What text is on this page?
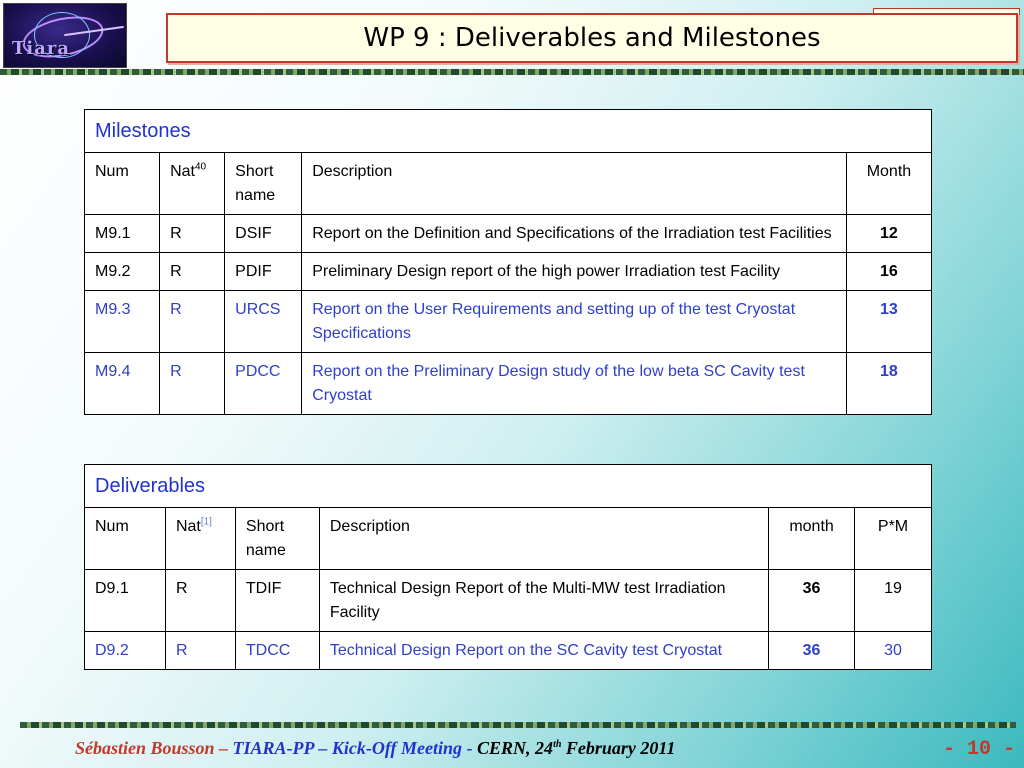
Tiara	WP 9 : Deliverables and Milestones
Milestones				
Num	Nat$^{40}$	Short name	Description	Month
M9.1	R	DSIF	Report on the Definition and Specifications of the Irradiation test Facilities	12
M9.2	R	PDIF	Preliminary Design report of the high power Irradiation test Facility	16
M9.3	R	URCS	Report on the User Requirements and setting up of the test Cryostat Specifications	13
M9.4	R	PDCC	Report on the Preliminary Design study of the low beta SC Cavity test Cryostat	18
Deliverables					
Num	Nat[1]	Short name	Description	month	P*M
D9.1	R	TDIF	Technical Design Report of the Multi-MW test Irradiation Facility	36	19
D9.2	R	TDCC	Technical Design Report on the SC Cavity test Cryostat	36	30
Sébastien Bousson – TIARA-PP – Kick-Off Meeting - CERN, 24th February 2011	- 10 -
